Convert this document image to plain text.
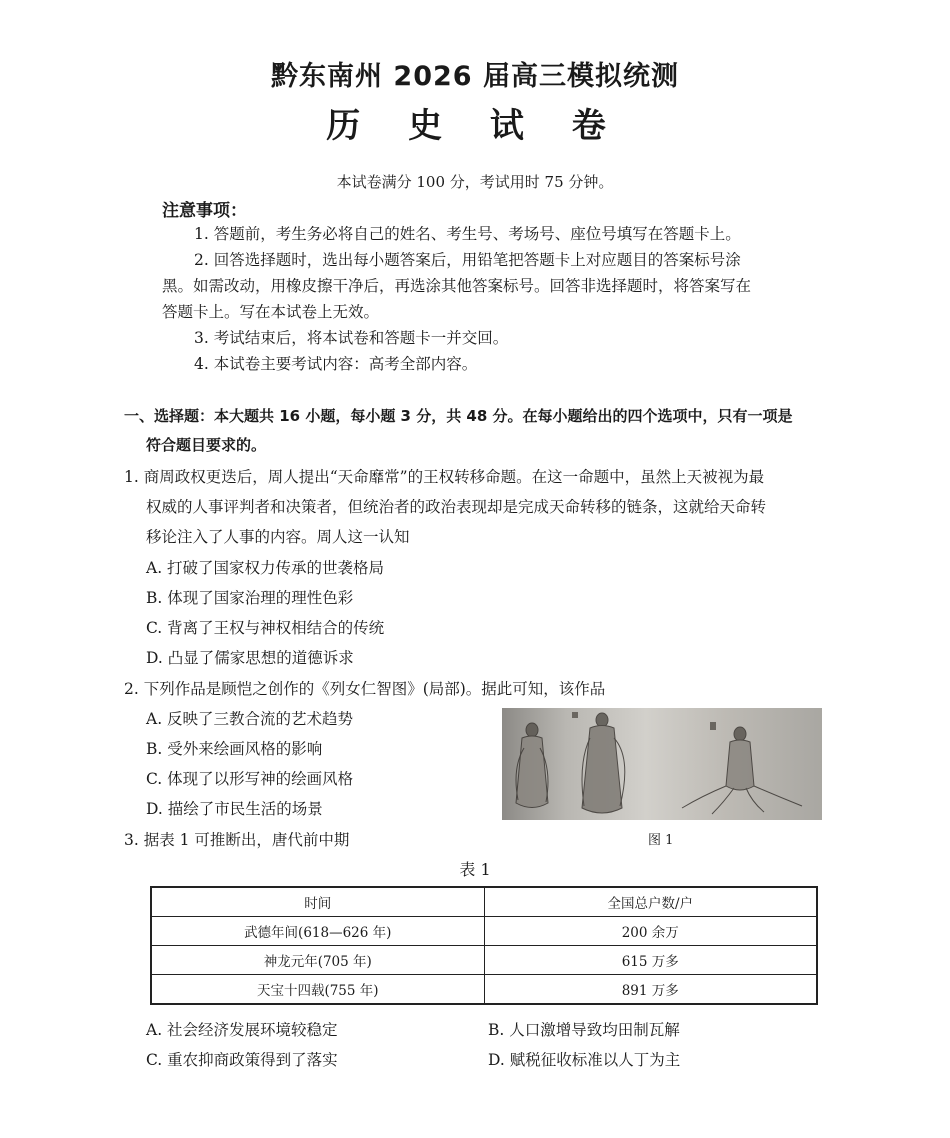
黔东南州 2026 届高三模拟统测
历 史 试 卷
本试卷满分 100 分，考试用时 75 分钟。
注意事项：
1. 答题前，考生务必将自己的姓名、考生号、考场号、座位号填写在答题卡上。
2. 回答选择题时，选出每小题答案后，用铅笔把答题卡上对应题目的答案标号涂
黑。如需改动，用橡皮擦干净后，再选涂其他答案标号。回答非选择题时，将答案写在
答题卡上。写在本试卷上无效。
3. 考试结束后，将本试卷和答题卡一并交回。
4. 本试卷主要考试内容：高考全部内容。
一、选择题：本大题共 16 小题，每小题 3 分，共 48 分。在每小题给出的四个选项中，只有一项是
符合题目要求的。
1. 商周政权更迭后，周人提出“天命靡常”的王权转移命题。在这一命题中，虽然上天被视为最
权威的人事评判者和决策者，但统治者的政治表现却是完成天命转移的链条，这就给天命转
移论注入了人事的内容。周人这一认知
A. 打破了国家权力传承的世袭格局
B. 体现了国家治理的理性色彩
C. 背离了王权与神权相结合的传统
D. 凸显了儒家思想的道德诉求
2. 下列作品是顾恺之创作的《列女仁智图》(局部)。据此可知，该作品
A. 反映了三教合流的艺术趋势
B. 受外来绘画风格的影响
C. 体现了以形写神的绘画风格
D. 描绘了市民生活的场景
图 1
3. 据表 1 可推断出，唐代前中期
表 1
时间	全国总户数/户
武德年间(618—626 年)	200 余万
神龙元年(705 年)	615 万多
天宝十四载(755 年)	891 万多
A. 社会经济发展环境较稳定	B. 人口激增导致均田制瓦解
C. 重农抑商政策得到了落实	D. 赋税征收标准以人丁为主
